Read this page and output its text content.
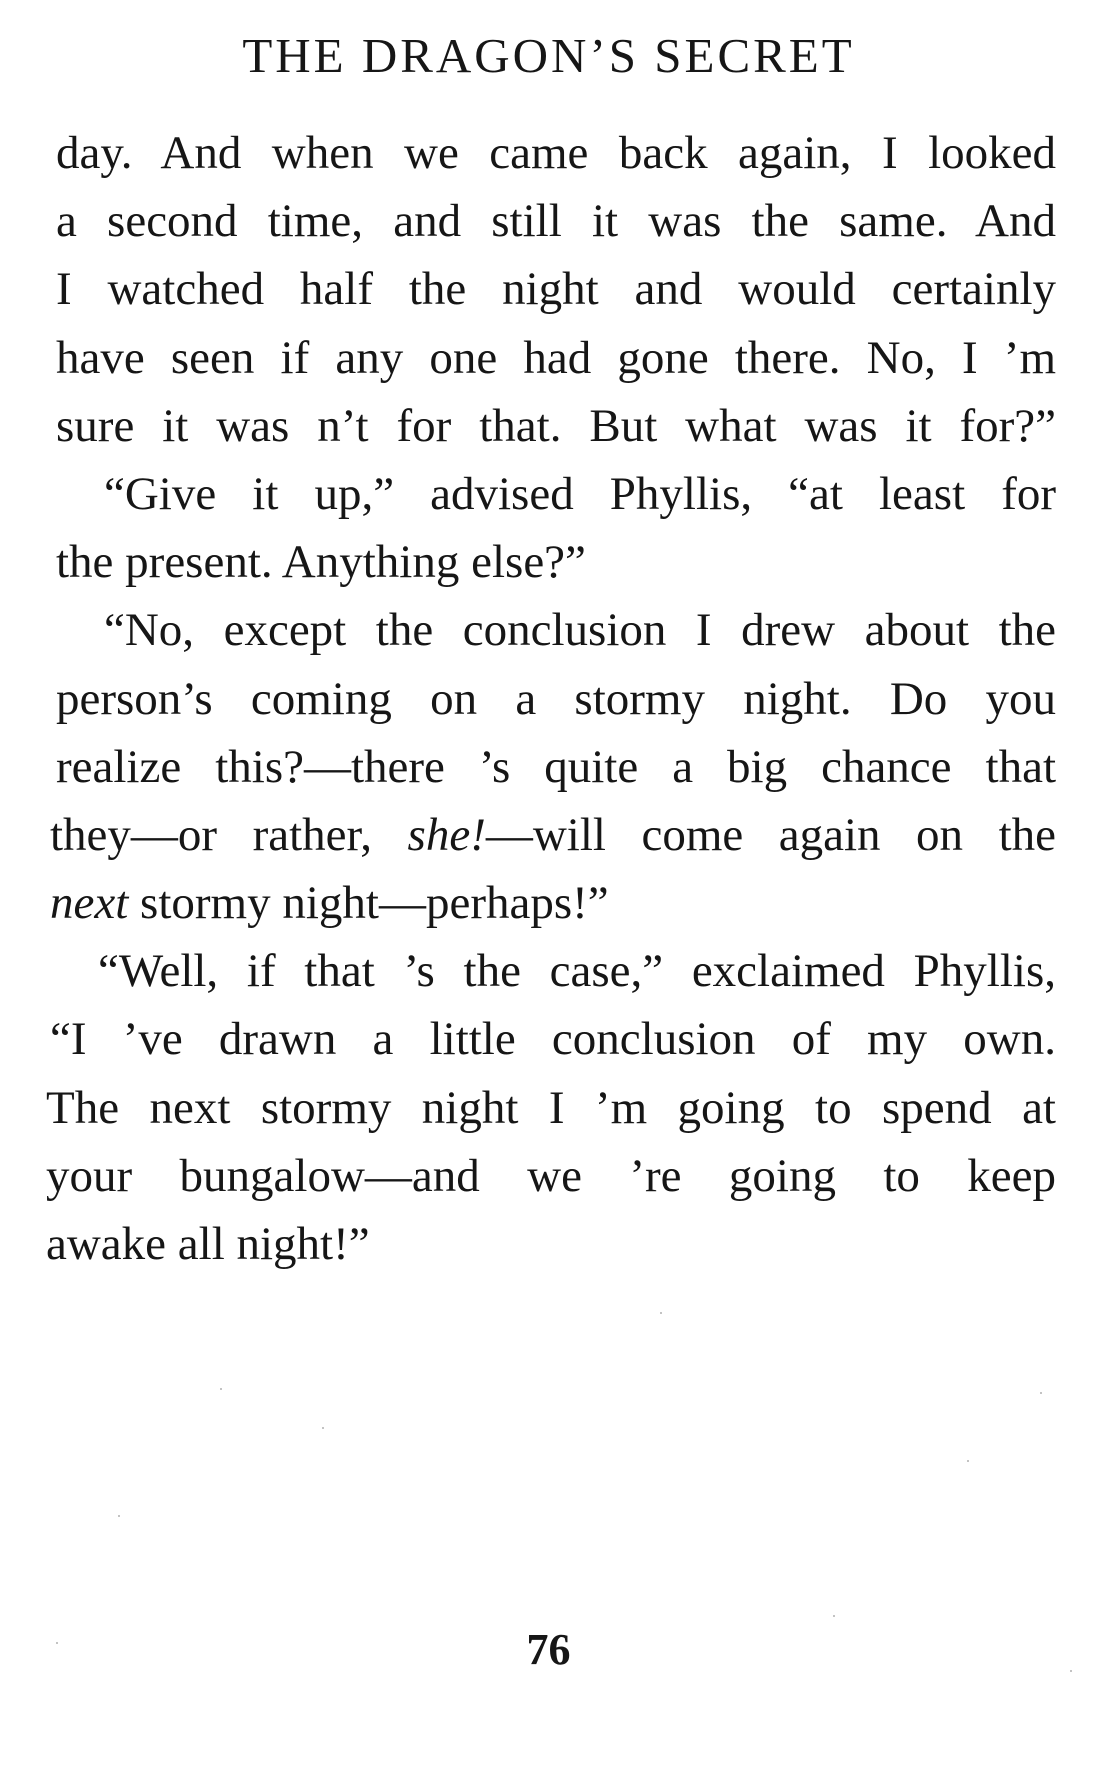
THE DRAGON’S SECRET
day. And when we came back again, I looked
a second time, and still it was the same. And
I watched half the night and would certainly
have seen if any one had gone there. No, I ’m
sure it was n’t for that. But what was it for?”
“Give it up,” advised Phyllis, “at least for
the present. Anything else?”
“No, except the conclusion I drew about the
person’s coming on a stormy night. Do you
realize this?—there ’s quite a big chance that
they—or rather, she!—will come again on the
next stormy night—perhaps!”
“Well, if that ’s the case,” exclaimed Phyllis,
“I ’ve drawn a little conclusion of my own.
The next stormy night I ’m going to spend at
your bungalow—and we ’re going to keep
awake all night!”
76
